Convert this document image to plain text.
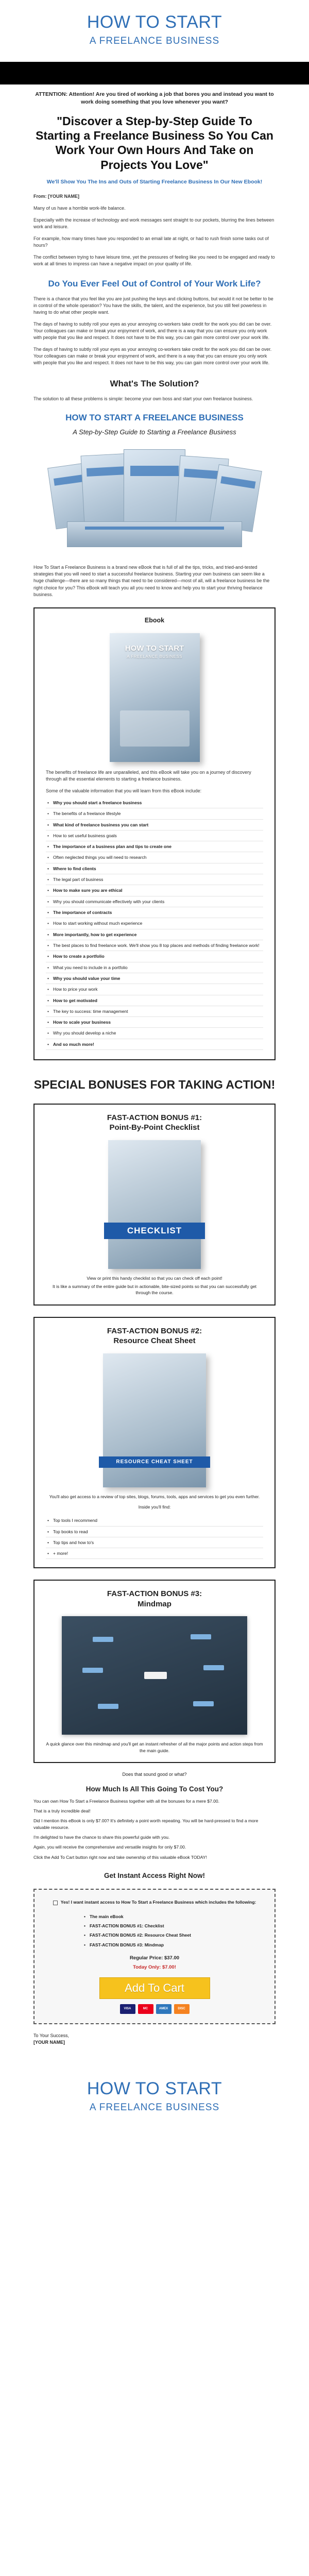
HOW TO START
A FREELANCE BUSINESS
ATTENTION: Attention! Are you tired of working a job that bores you and instead you want to work doing something that you love whenever you want?
"Discover a Step-by-Step Guide To Starting a Freelance Business So You Can Work Your Own Hours And Take on Projects You Love"
We'll Show You The Ins and Outs of Starting Freelance Business In Our New Ebook!

From: [YOUR NAME]

Many of us have a horrible work-life balance.

Especially with the increase of technology and work messages sent straight to our pockets, blurring the lines between work and leisure.

For example, how many times have you responded to an email late at night, or had to rush finish some tasks out of hours?

The conflict between trying to have leisure time, yet the pressures of feeling like you need to be engaged and ready to work at all times to impress can have a negative impact on your quality of life.

Do You Ever Feel Out of Control of Your Work Life?

There is a chance that you feel like you are just pushing the keys and clicking buttons, but would it not be better to be in control of the whole operation? You have the skills, the talent, and the experience, but you still feel powerless in having to do what other people want.

The days of having to subtly roll your eyes as your annoying co-workers take credit for the work you did can be over. Your colleagues can make or break your enjoyment of work, and there is a way that you can ensure you only work with people that you like and respect. It does not have to be this way, you can gain more control over your work life.

The days of having to subtly roll your eyes as your annoying co-workers take credit for the work you did can be over. Your colleagues can make or break your enjoyment of work, and there is a way that you can ensure you only work with people that you like and respect. It does not have to be this way, you can gain more control over your work life.

What's The Solution?

The solution to all these problems is simple: become your own boss and start your own freelance business.

HOW TO START A FREELANCE BUSINESS
A Step-by-Step Guide to Starting a Freelance Business

How To Start a Freelance Business is a brand new eBook that is full of all the tips, tricks, and tried-and-tested strategies that you will need to start a successful freelance business. Starting your own business can seem like a huge challenge—there are so many things that need to be considered—most of all, will a freelance business be the right choice for you? This eBook will teach you all you need to know and help you to start your thriving freelance business.

Ebook
HOW TO START
A FREELANCE BUSINESS

The benefits of freelance life are unparalleled, and this eBook will take you on a journey of discovery through all the essential elements to starting a freelance business.

Some of the valuable information that you will learn from this eBook include:

• Why you should start a freelance business
• The benefits of a freelance lifestyle
• What kind of freelance business you can start
• How to set useful business goals
• The importance of a business plan and tips to create one
• Often neglected things you will need to research
• Where to find clients
• The legal part of business
• How to make sure you are ethical
• Why you should communicate effectively with your clients
• The importance of contracts
• How to start working without much experience
• More importantly, how to get experience
• The best places to find freelance work. We'll show you 8 top places and methods of finding freelance work!
• How to create a portfolio
• What you need to include in a portfolio
• Why you should value your time
• How to price your work
• How to get motivated
• The key to success: time management
• How to scale your business
• Why you should develop a niche
• And so much more!
SPECIAL BONUSES FOR TAKING ACTION!
FAST-ACTION BONUS #1:
Point-By-Point Checklist
CHECKLIST

View or print this handy checklist so that you can check off each point!

It is like a summary of the entire guide but in actionable, bite-sized points so that you can successfully get through the course.

FAST-ACTION BONUS #2:
Resource Cheat Sheet
RESOURCE CHEAT SHEET

You'll also get access to a review of top sites, blogs, forums, tools, apps and services to get you even further.

Inside you'll find:

• Top tools I recommend
• Top books to read
• Top tips and how to's
• + more!
FAST-ACTION BONUS #3:
Mindmap

A quick glance over this mindmap and you'll get an instant refresher of all the major points and action steps from the main guide.

Does that sound good or what?
How Much Is All This Going To Cost You?

You can own How To Start a Freelance Business together with all the bonuses for a mere $7.00.

That is a truly incredible deal!

Did I mention this eBook is only $7.00? It's definitely a point worth repeating. You will be hard-pressed to find a more valuable resource.

I'm delighted to have the chance to share this powerful guide with you.

Again, you will receive the comprehensive and versatile insights for only $7.00.

Click the Add To Cart button right now and take ownership of this valuable eBook TODAY!

Get Instant Access Right Now!
Yes! I want instant access to How To Start a Freelance Business which includes the following:
• The main eBook
• FAST-ACTION BONUS #1: Checklist
• FAST-ACTION BONUS #2: Resource Cheat Sheet
• FAST-ACTION BONUS #3: Mindmap
Regular Price: $37.00
Today Only: $7.00!
Add To Cart
VISA	MC	AMEX	DISC
To Your Success,
[YOUR NAME]
HOW TO START
A FREELANCE BUSINESS
